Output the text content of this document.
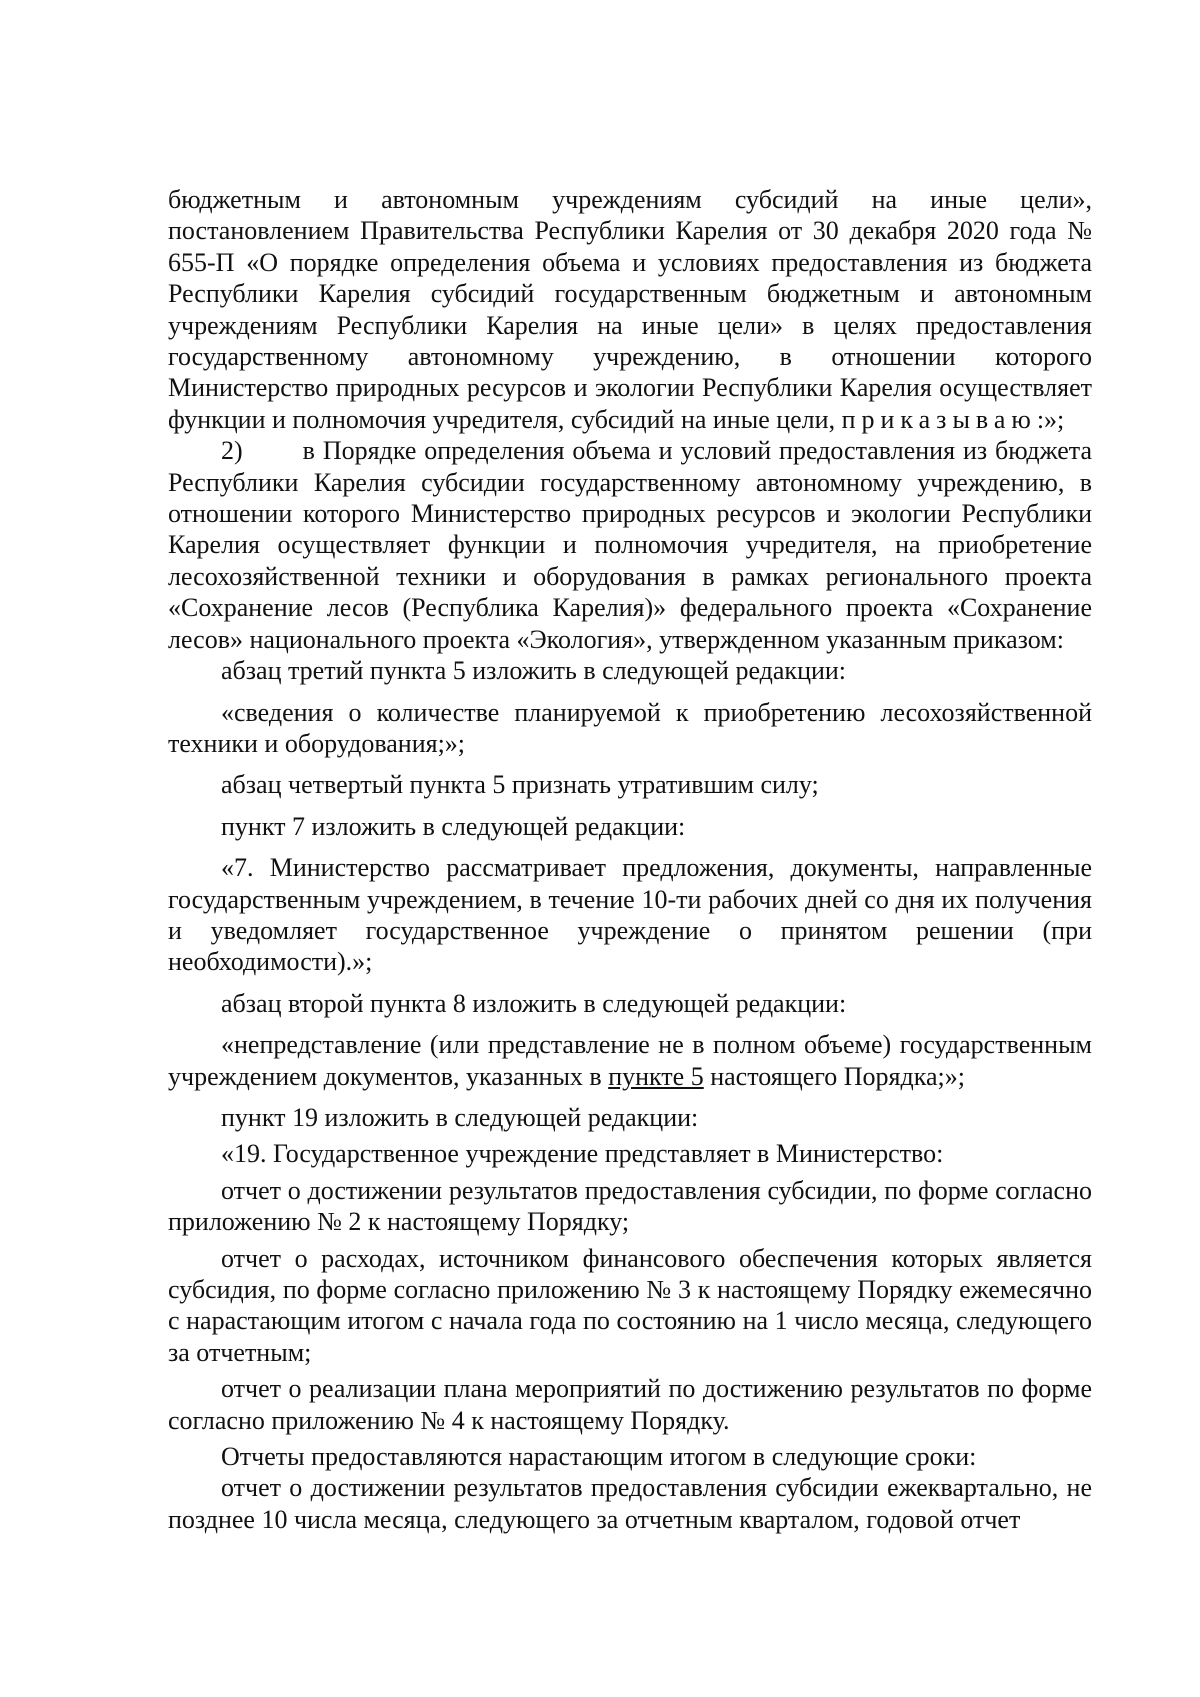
бюджетным и автономным учреждениям субсидий на иные цели», постановлением Правительства Республики Карелия от 30 декабря 2020 года № 655-П «О порядке определения объема и условиях предоставления из бюджета Республики Карелия субсидий государственным бюджетным и автономным учреждениям Республики Карелия на иные цели» в целях предоставления государственному автономному учреждению, в отношении которого Министерство природных ресурсов и экологии Республики Карелия осуществляет функции и полномочия учредителя, субсидий на иные цели, приказываю:»;

2) в Порядке определения объема и условий предоставления из бюджета Республики Карелия субсидии государственному автономному учреждению, в отношении которого Министерство природных ресурсов и экологии Республики Карелия осуществляет функции и полномочия учредителя, на приобретение лесохозяйственной техники и оборудования в рамках регионального проекта «Сохранение лесов (Республика Карелия)» федерального проекта «Сохранение лесов» национального проекта «Экология», утвержденном указанным приказом:

абзац третий пункта 5 изложить в следующей редакции:

«сведения о количестве планируемой к приобретению лесохозяйственной техники и оборудования;»;

абзац четвертый пункта 5 признать утратившим силу;

пункт 7 изложить в следующей редакции:

«7. Министерство рассматривает предложения, документы, направленные государственным учреждением, в течение 10-ти рабочих дней со дня их получения и уведомляет государственное учреждение о принятом решении (при необходимости).»;

абзац второй пункта 8 изложить в следующей редакции:

«непредставление (или представление не в полном объеме) государственным учреждением документов, указанных в пункте 5 настоящего Порядка;»;

пункт 19 изложить в следующей редакции:

«19. Государственное учреждение представляет в Министерство:

отчет о достижении результатов предоставления субсидии, по форме согласно приложению № 2 к настоящему Порядку;

отчет о расходах, источником финансового обеспечения которых является субсидия, по форме согласно приложению № 3 к настоящему Порядку ежемесячно с нарастающим итогом с начала года по состоянию на 1 число месяца, следующего за отчетным;

отчет о реализации плана мероприятий по достижению результатов по форме согласно приложению № 4 к настоящему Порядку.

Отчеты предоставляются нарастающим итогом в следующие сроки:

отчет о достижении результатов предоставления субсидии ежеквартально, не позднее 10 числа месяца, следующего за отчетным кварталом, годовой отчет
